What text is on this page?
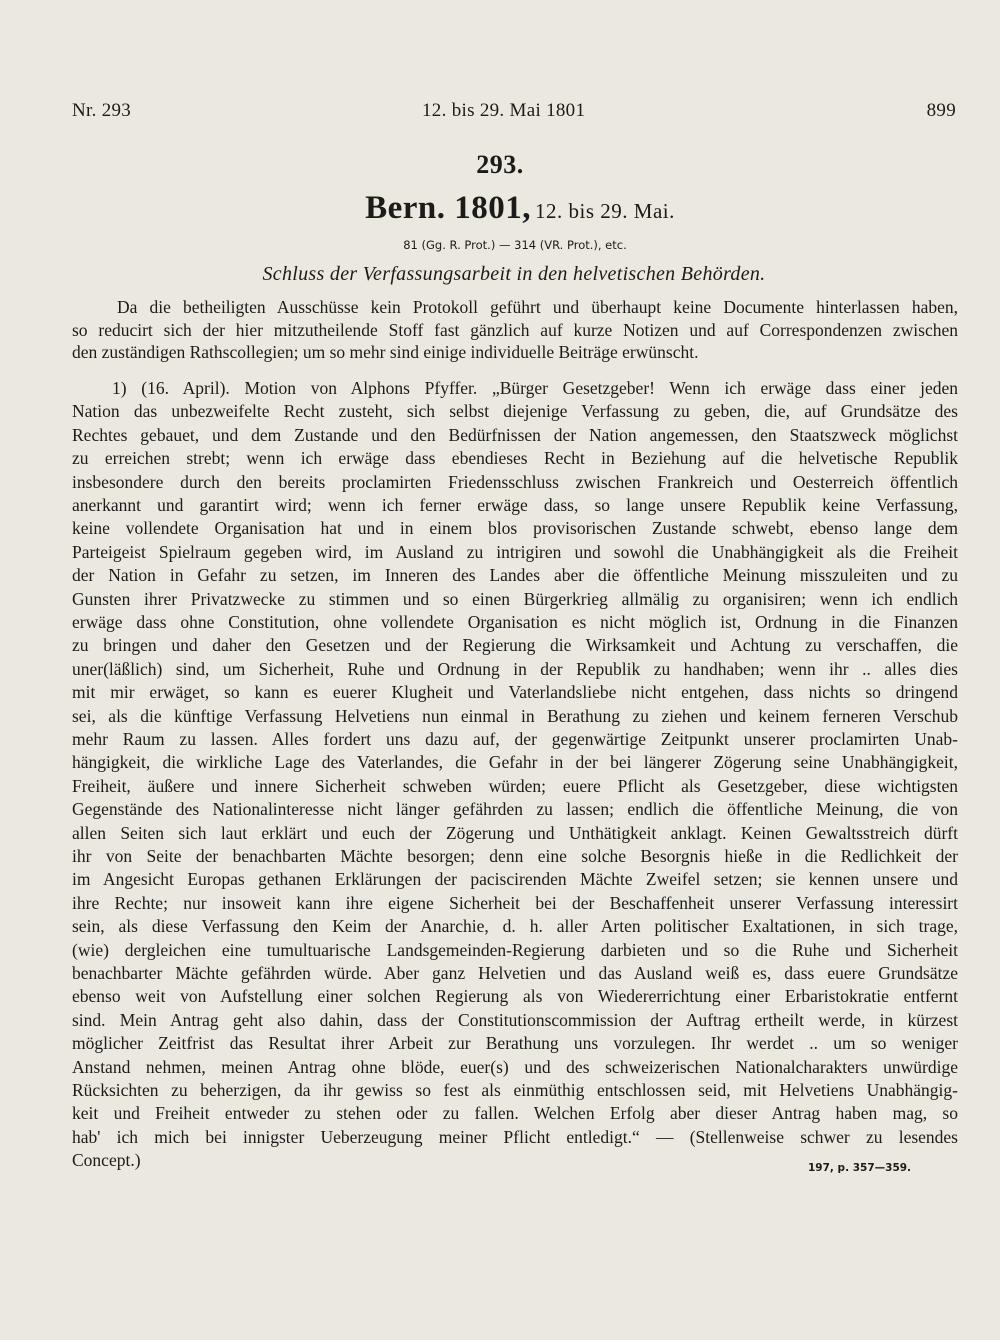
Nr. 293	12. bis 29. Mai 1801	899
293.
Bern. 1801, 12. bis 29. Mai.
81 (Gg. R. Prot.) — 314 (VR. Prot.), etc.
Schluss der Verfassungsarbeit in den helvetischen Behörden.
Da die betheiligten Ausschüsse kein Protokoll geführt und überhaupt keine Documente hinterlassen haben,
so reducirt sich der hier mitzutheilende Stoff fast gänzlich auf kurze Notizen und auf Correspondenzen zwischen
den zuständigen Rathscollegien; um so mehr sind einige individuelle Beiträge erwünscht.
1) (16. April). Motion von Alphons Pfyffer. „Bürger Gesetzgeber! Wenn ich erwäge dass einer jeden
Nation das unbezweifelte Recht zusteht, sich selbst diejenige Verfassung zu geben, die, auf Grundsätze des
Rechtes gebauet, und dem Zustande und den Bedürfnissen der Nation angemessen, den Staatszweck möglichst
zu erreichen strebt; wenn ich erwäge dass ebendieses Recht in Beziehung auf die helvetische Republik
insbesondere durch den bereits proclamirten Friedensschluss zwischen Frankreich und Oesterreich öffentlich
anerkannt und garantirt wird; wenn ich ferner erwäge dass, so lange unsere Republik keine Verfassung,
keine vollendete Organisation hat und in einem blos provisorischen Zustande schwebt, ebenso lange dem
Parteigeist Spielraum gegeben wird, im Ausland zu intrigiren und sowohl die Unabhängigkeit als die Freiheit
der Nation in Gefahr zu setzen, im Inneren des Landes aber die öffentliche Meinung misszuleiten und zu
Gunsten ihrer Privatzwecke zu stimmen und so einen Bürgerkrieg allmälig zu organisiren; wenn ich endlich
erwäge dass ohne Constitution, ohne vollendete Organisation es nicht möglich ist, Ordnung in die Finanzen
zu bringen und daher den Gesetzen und der Regierung die Wirksamkeit und Achtung zu verschaffen, die
uner(läßlich) sind, um Sicherheit, Ruhe und Ordnung in der Republik zu handhaben; wenn ihr .. alles dies
mit mir erwäget, so kann es euerer Klugheit und Vaterlandsliebe nicht entgehen, dass nichts so dringend
sei, als die künftige Verfassung Helvetiens nun einmal in Berathung zu ziehen und keinem ferneren Verschub
mehr Raum zu lassen. Alles fordert uns dazu auf, der gegenwärtige Zeitpunkt unserer proclamirten Unab-
hängigkeit, die wirkliche Lage des Vaterlandes, die Gefahr in der bei längerer Zögerung seine Unabhängigkeit,
Freiheit, äußere und innere Sicherheit schweben würden; euere Pflicht als Gesetzgeber, diese wichtigsten
Gegenstände des Nationalinteresse nicht länger gefährden zu lassen; endlich die öffentliche Meinung, die von
allen Seiten sich laut erklärt und euch der Zögerung und Unthätigkeit anklagt. Keinen Gewaltsstreich dürft
ihr von Seite der benachbarten Mächte besorgen; denn eine solche Besorgnis hieße in die Redlichkeit der
im Angesicht Europas gethanen Erklärungen der paciscirenden Mächte Zweifel setzen; sie kennen unsere und
ihre Rechte; nur insoweit kann ihre eigene Sicherheit bei der Beschaffenheit unserer Verfassung interessirt
sein, als diese Verfassung den Keim der Anarchie, d. h. aller Arten politischer Exaltationen, in sich trage,
(wie) dergleichen eine tumultuarische Landsgemeinden-Regierung darbieten und so die Ruhe und Sicherheit
benachbarter Mächte gefährden würde. Aber ganz Helvetien und das Ausland weiß es, dass euere Grundsätze
ebenso weit von Aufstellung einer solchen Regierung als von Wiedererrichtung einer Erbaristokratie entfernt
sind. Mein Antrag geht also dahin, dass der Constitutionscommission der Auftrag ertheilt werde, in kürzest
möglicher Zeitfrist das Resultat ihrer Arbeit zur Berathung uns vorzulegen. Ihr werdet .. um so weniger
Anstand nehmen, meinen Antrag ohne blöde, euer(s) und des schweizerischen Nationalcharakters unwürdige
Rücksichten zu beherzigen, da ihr gewiss so fest als einmüthig entschlossen seid, mit Helvetiens Unabhängig-
keit und Freiheit entweder zu stehen oder zu fallen. Welchen Erfolg aber dieser Antrag haben mag, so
hab' ich mich bei innigster Ueberzeugung meiner Pflicht entledigt.“ — (Stellenweise schwer zu lesendes
Concept.)	197, p. 357—359.
